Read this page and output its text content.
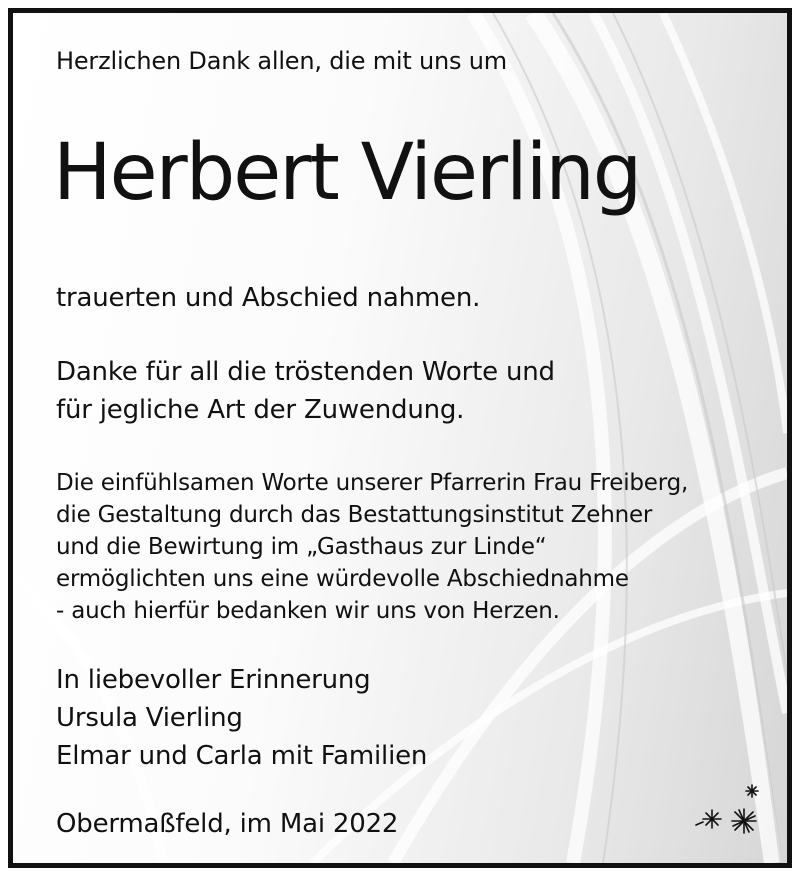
Herzlichen Dank allen, die mit uns um

Herbert Vierling

trauerten und Abschied nahmen.

Danke für all die tröstenden Worte und
für jegliche Art der Zuwendung.

Die einfühlsamen Worte unserer Pfarrerin Frau Freiberg,
die Gestaltung durch das Bestattungsinstitut Zehner
und die Bewirtung im „Gasthaus zur Linde“
ermöglichten uns eine würdevolle Abschiednahme
- auch hierfür bedanken wir uns von Herzen.

In liebevoller Erinnerung
Ursula Vierling
Elmar und Carla mit Familien

Obermaßfeld, im Mai 2022
